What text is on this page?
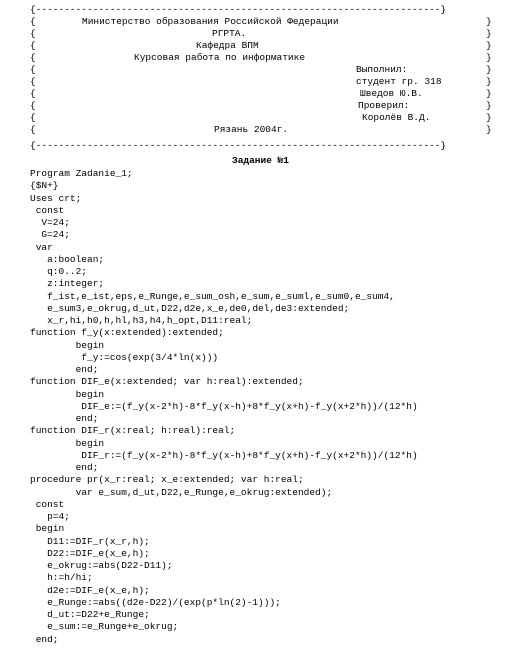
{-----------------------------------------------------------------------}
{
{
{
{
{
{
{
{
{
{
}
}
}
}
}
}
}
}
}
}
Министерство образования Российской Федерации
РГРТА.
Кафедра ВПМ
Курсовая работа по информатике
Выполнил:
студент гр. 318
Шведов Ю.В.
Проверил:
Королёв В.Д.
Рязань 2004г.
{-----------------------------------------------------------------------}
Задание №1
Program Zadanie_1;
{$N+}
Uses crt;
const
V=24;
G=24;
var
a:boolean;
q:0..2;
z:integer;
f_ist,e_ist,eps,e_Runge,e_sum_osh,e_sum,e_suml,e_sum0,e_sum4,
e_sum3,e_okrug,d_ut,D22,d2e,x_e,de0,del,de3:extended;
x_r,hi,h0,h,hl,h3,h4,h_opt,D11:real;
function f_y(x:extended):extended;
begin
f_y:=cos(exp(3/4*ln(x)))
end;
function DIF_e(x:extended; var h:real):extended;
begin
DIF_e:=(f_y(x-2*h)-8*f_y(x-h)+8*f_y(x+h)-f_y(x+2*h))/(12*h)
end;
function DIF_r(x:real; h:real):real;
begin
DIF_r:=(f_y(x-2*h)-8*f_y(x-h)+8*f_y(x+h)-f_y(x+2*h))/(12*h)
end;
procedure pr(x_r:real; x_e:extended; var h:real;
var e_sum,d_ut,D22,e_Runge,e_okrug:extended);
const
p=4;
begin
D11:=DIF_r(x_r,h);
D22:=DIF_e(x_e,h);
e_okrug:=abs(D22-D11);
h:=h/hi;
d2e:=DIF_e(x_e,h);
e_Runge:=abs((d2e-D22)/(exp(p*ln(2)-1)));
d_ut:=D22+e_Runge;
e_sum:=e_Runge+e_okrug;
end;
